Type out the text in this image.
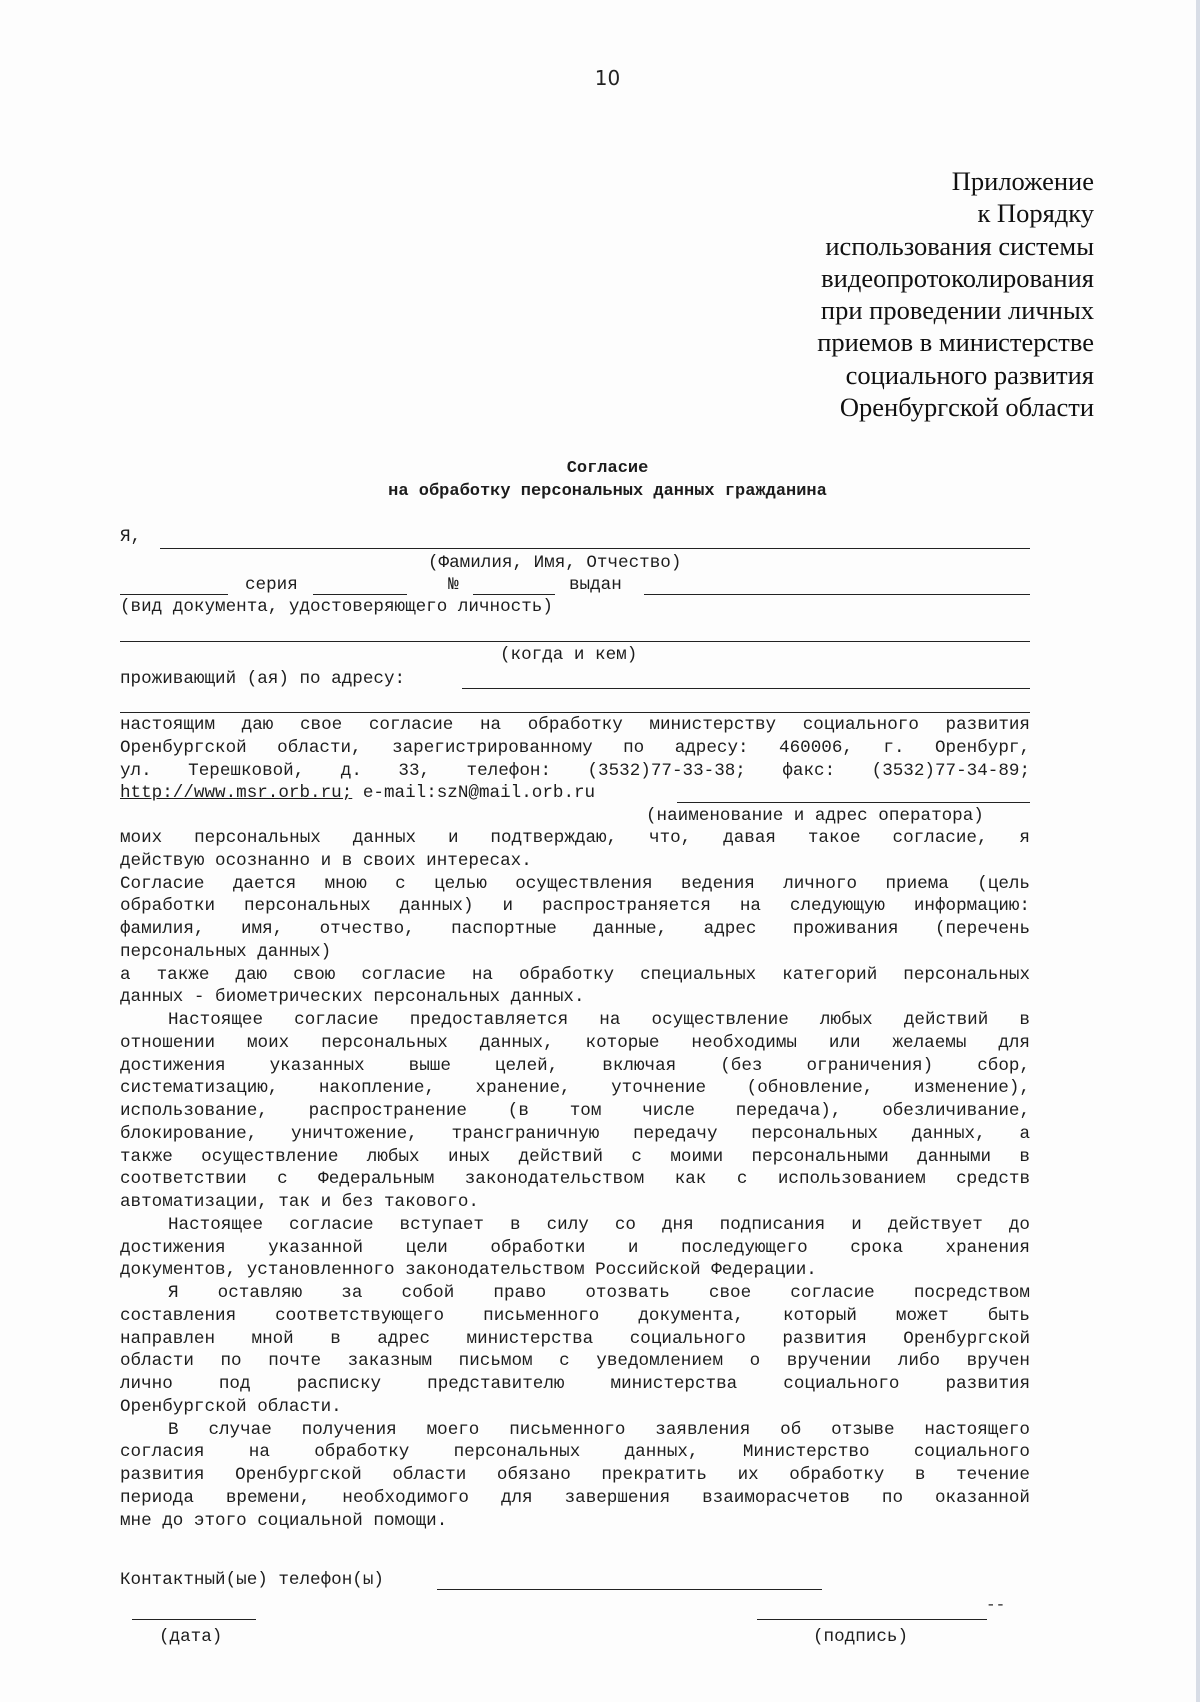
10
Приложение
к Порядку
использования системы
видеопротоколирования
при проведении личных
приемов в министерстве
социального развития
Оренбургской области
Согласие
на обработку персональных данных гражданина
Я,
(Фамилия, Имя, Отчество)
серия	№	выдан
(вид документа, удостоверяющего личность)
(когда и кем)
проживающий (ая) по адресу:
настоящим даю свое согласие на обработку министерству социального развития
Оренбургской области, зарегистрированному по адресу: 460006, г. Оренбург,
ул. Терешковой, д. 33, телефон: (3532)77-33-38; факс: (3532)77-34-89;
http://www.msr.orb.ru; e-mail:szN@mail.orb.ru
(наименование и адрес оператора)
моих персональных данных и подтверждаю, что, давая такое согласие, я
действую осознанно и в своих интересах.
Согласие дается мною с целью осуществления ведения личного приема (цель
обработки персональных данных) и распространяется на следующую информацию:
фамилия, имя, отчество, паспортные данные, адрес проживания (перечень
персональных данных)
а также даю свою согласие на обработку специальных категорий персональных
данных - биометрических персональных данных.
Настоящее согласие предоставляется на осуществление любых действий в
отношении моих персональных данных, которые необходимы или желаемы для
достижения указанных выше целей, включая (без ограничения) сбор,
систематизацию, накопление, хранение, уточнение (обновление, изменение),
использование, распространение (в том числе передача), обезличивание,
блокирование, уничтожение, трансграничную передачу персональных данных, а
также осуществление любых иных действий с моими персональными данными в
соответствии с Федеральным законодательством как с использованием средств
автоматизации, так и без такового.
Настоящее согласие вступает в силу со дня подписания и действует до
достижения указанной цели обработки и последующего срока хранения
документов, установленного законодательством Российской Федерации.
Я оставляю за собой право отозвать свое согласие посредством
составления соответствующего письменного документа, который может быть
направлен мной в адрес министерства социального развития Оренбургской
области по почте заказным письмом с уведомлением о вручении либо вручен
лично под расписку представителю министерства социального развития
Оренбургской области.
В случае получения моего письменного заявления об отзыве настоящего
согласия на обработку персональных данных, Министерство социального
развития Оренбургской области обязано прекратить их обработку в течение
периода времени, необходимого для завершения взаиморасчетов по оказанной
мне до этого социальной помощи.
Контактный(ые) телефон(ы)
(дата)
--
(подпись)
